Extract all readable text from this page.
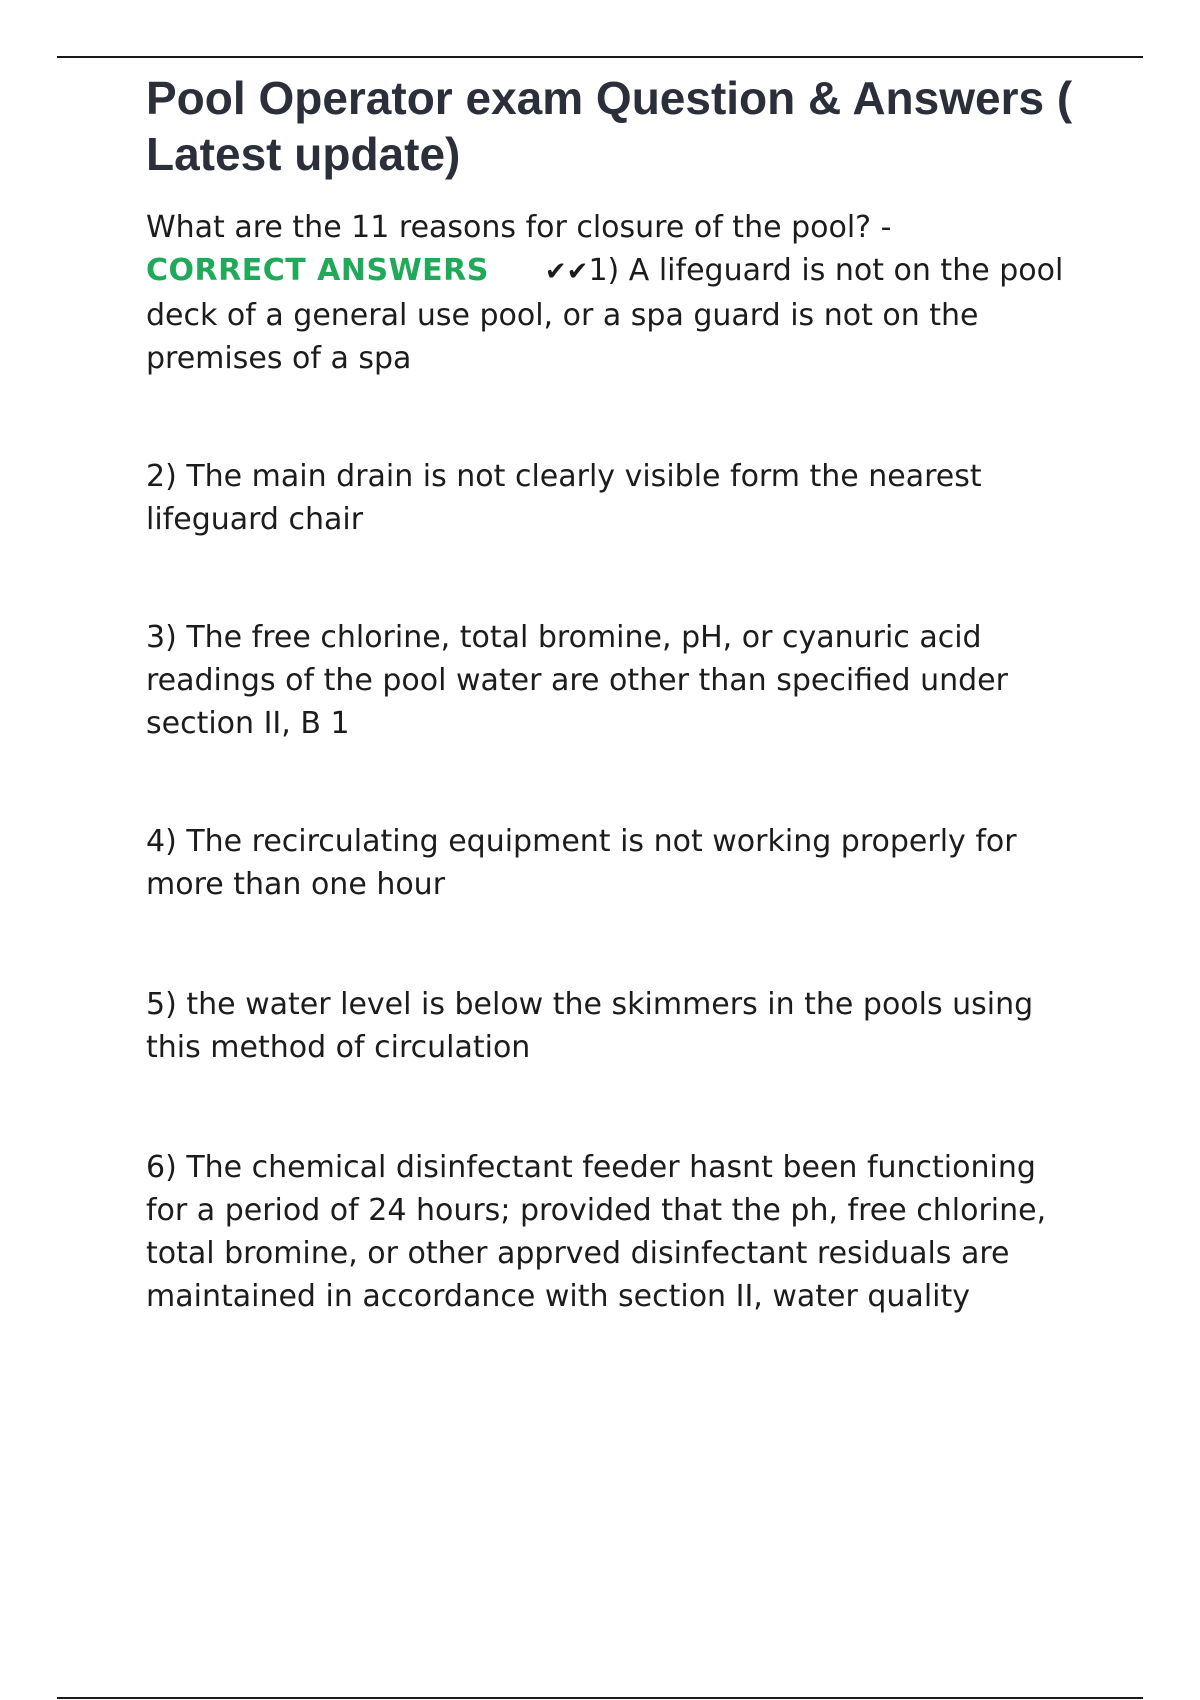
Pool Operator exam Question & Answers ( Latest update)

What are the 11 reasons for closure of the pool? -
CORRECT ANSWERS ✔✔1) A lifeguard is not on the pool deck of a general use pool, or a spa guard is not on the premises of a spa

2) The main drain is not clearly visible form the nearest lifeguard chair

3) The free chlorine, total bromine, pH, or cyanuric acid readings of the pool water are other than specified under section II, B 1

4) The recirculating equipment is not working properly for more than one hour

5) the water level is below the skimmers in the pools using this method of circulation

6) The chemical disinfectant feeder hasnt been functioning for a period of 24 hours; provided that the ph, free chlorine, total bromine, or other apprved disinfectant residuals are maintained in accordance with section II, water quality
